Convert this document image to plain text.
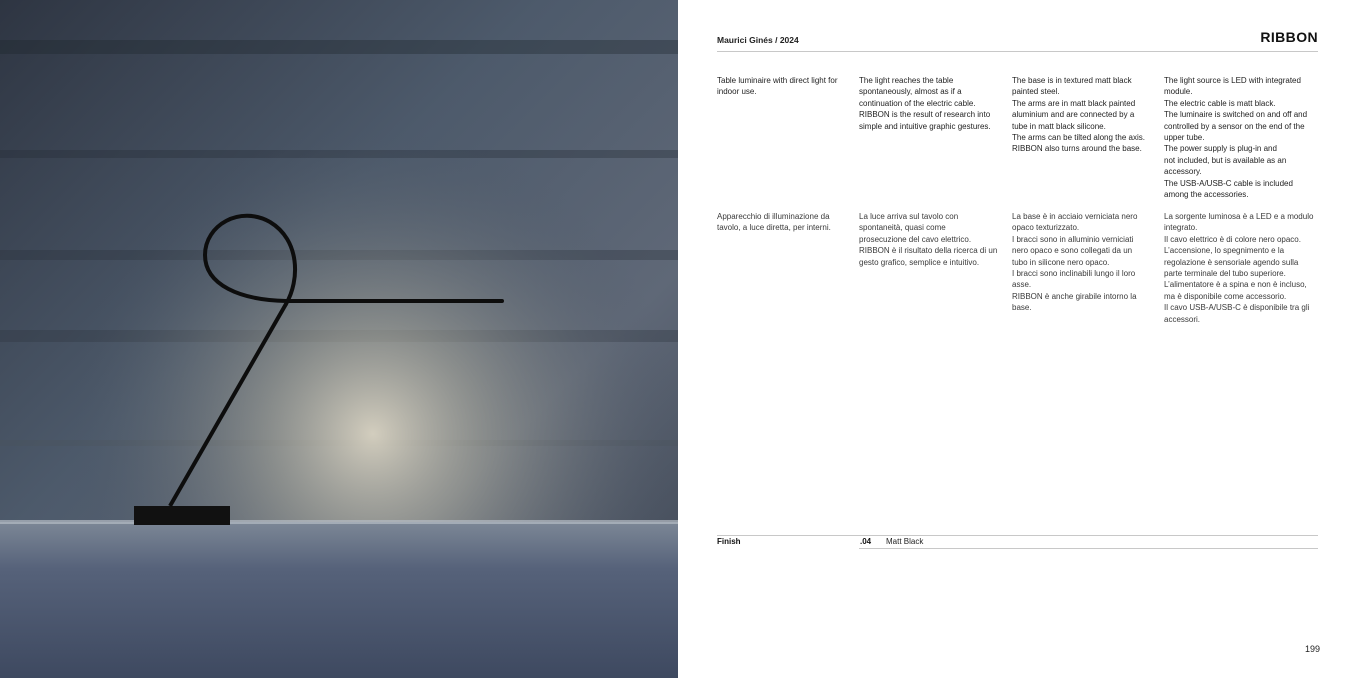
Maurici Ginés / 2024	RIBBON
Table luminaire with direct light for
indoor use.
The light reaches the table
spontaneously, almost as if a
continuation of the electric cable.
RIBBON is the result of research into
simple and intuitive graphic gestures.
The base is in textured matt black
painted steel.
The arms are in matt black painted
aluminium and are connected by a
tube in matt black silicone.
The arms can be tilted along the axis.
RIBBON also turns around the base.
The light source is LED with integrated
module.
The electric cable is matt black.
The luminaire is switched on and off and
controlled by a sensor on the end of the
upper tube.
The power supply is plug-in and
not included, but is available as an
accessory.
The USB-A/USB-C cable is included
among the accessories.
Apparecchio di illuminazione da
tavolo, a luce diretta, per interni.
La luce arriva sul tavolo con
spontaneità, quasi come
prosecuzione del cavo elettrico.
RIBBON è il risultato della ricerca di un
gesto grafico, semplice e intuitivo.
La base è in acciaio verniciata nero
opaco texturizzato.
I bracci sono in alluminio verniciati
nero opaco e sono collegati da un
tubo in silicone nero opaco.
I bracci sono inclinabili lungo il loro
asse.
RIBBON è anche girabile intorno la
base.
La sorgente luminosa è a LED e a modulo
integrato.
Il cavo elettrico è di colore nero opaco.
L’accensione, lo spegnimento e la
regolazione è sensoriale agendo sulla
parte terminale del tubo superiore.
L’alimentatore è a spina e non è incluso,
ma è disponibile come accessorio.
Il cavo USB-A/USB-C è disponibile tra gli
accessori.
Finish	.04 Matt Black
199
